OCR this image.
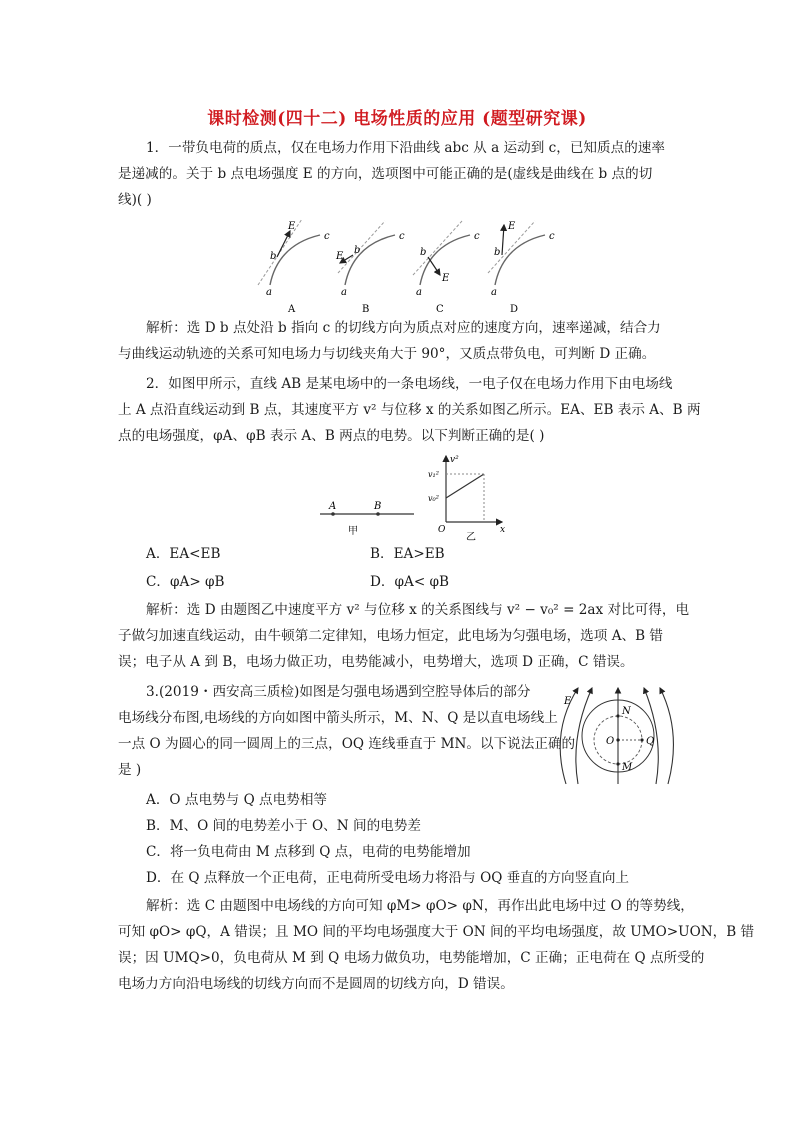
课时检测(四十二) 电场性质的应用 (题型研究课)
1．一带负电荷的质点，仅在电场力作用下沿曲线 abc 从 a 运动到 c，已知质点的速率
是递减的。关于 b 点电场强度 E 的方向，选项图中可能正确的是(虚线是曲线在 b 点的切
线)( )
a
b
c
E
A
a
b
c
E
B
a
b
c
E
C
a
b
c
E
D
解析：选 D b 点处沿 b 指向 c 的切线方向为质点对应的速度方向，速率递减，结合力
与曲线运动轨迹的关系可知电场力与切线夹角大于 90°，又质点带负电，可判断 D 正确。
2．如图甲所示，直线 AB 是某电场中的一条电场线，一电子仅在电场力作用下由电场线
上 A 点沿直线运动到 B 点，其速度平方 v² 与位移 x 的关系如图乙所示。EA、EB 表示 A、B 两
点的电场强度，φA、φB 表示 A、B 两点的电势。以下判断正确的是( )
A	B
甲
v²
v₁²
v₀²
O	x
乙
A．EA<EB	B．EA>EB
C．φA> φB	D．φA< φB
解析：选 D 由题图乙中速度平方 v² 与位移 x 的关系图线与 v² − v₀² = 2ax 对比可得，电
子做匀加速直线运动，由牛顿第二定律知，电场力恒定，此电场为匀强电场，选项 A、B 错
误；电子从 A 到 B，电场力做正功，电势能减小，电势增大，选项 D 正确，C 错误。
3.(2019・西安高三质检)如图是匀强电场遇到空腔导体后的部分
电场线分布图,电场线的方向如图中箭头所示，M、N、Q 是以直电场线上
一点 O 为圆心的同一圆周上的三点，OQ 连线垂直于 MN。以下说法正确的
是 )
E
N
O	Q
M
A．O 点电势与 Q 点电势相等
B．M、O 间的电势差小于 O、N 间的电势差
C．将一负电荷由 M 点移到 Q 点，电荷的电势能增加
D．在 Q 点释放一个正电荷，正电荷所受电场力将沿与 OQ 垂直的方向竖直向上
解析：选 C 由题图中电场线的方向可知 φM> φO> φN，再作出此电场中过 O 的等势线，
可知 φO> φQ，A 错误；且 MO 间的平均电场强度大于 ON 间的平均电场强度，故 UMO>UON，B 错
误；因 UMQ>0，负电荷从 M 到 Q 电场力做负功，电势能增加，C 正确；正电荷在 Q 点所受的
电场力方向沿电场线的切线方向而不是圆周的切线方向，D 错误。
